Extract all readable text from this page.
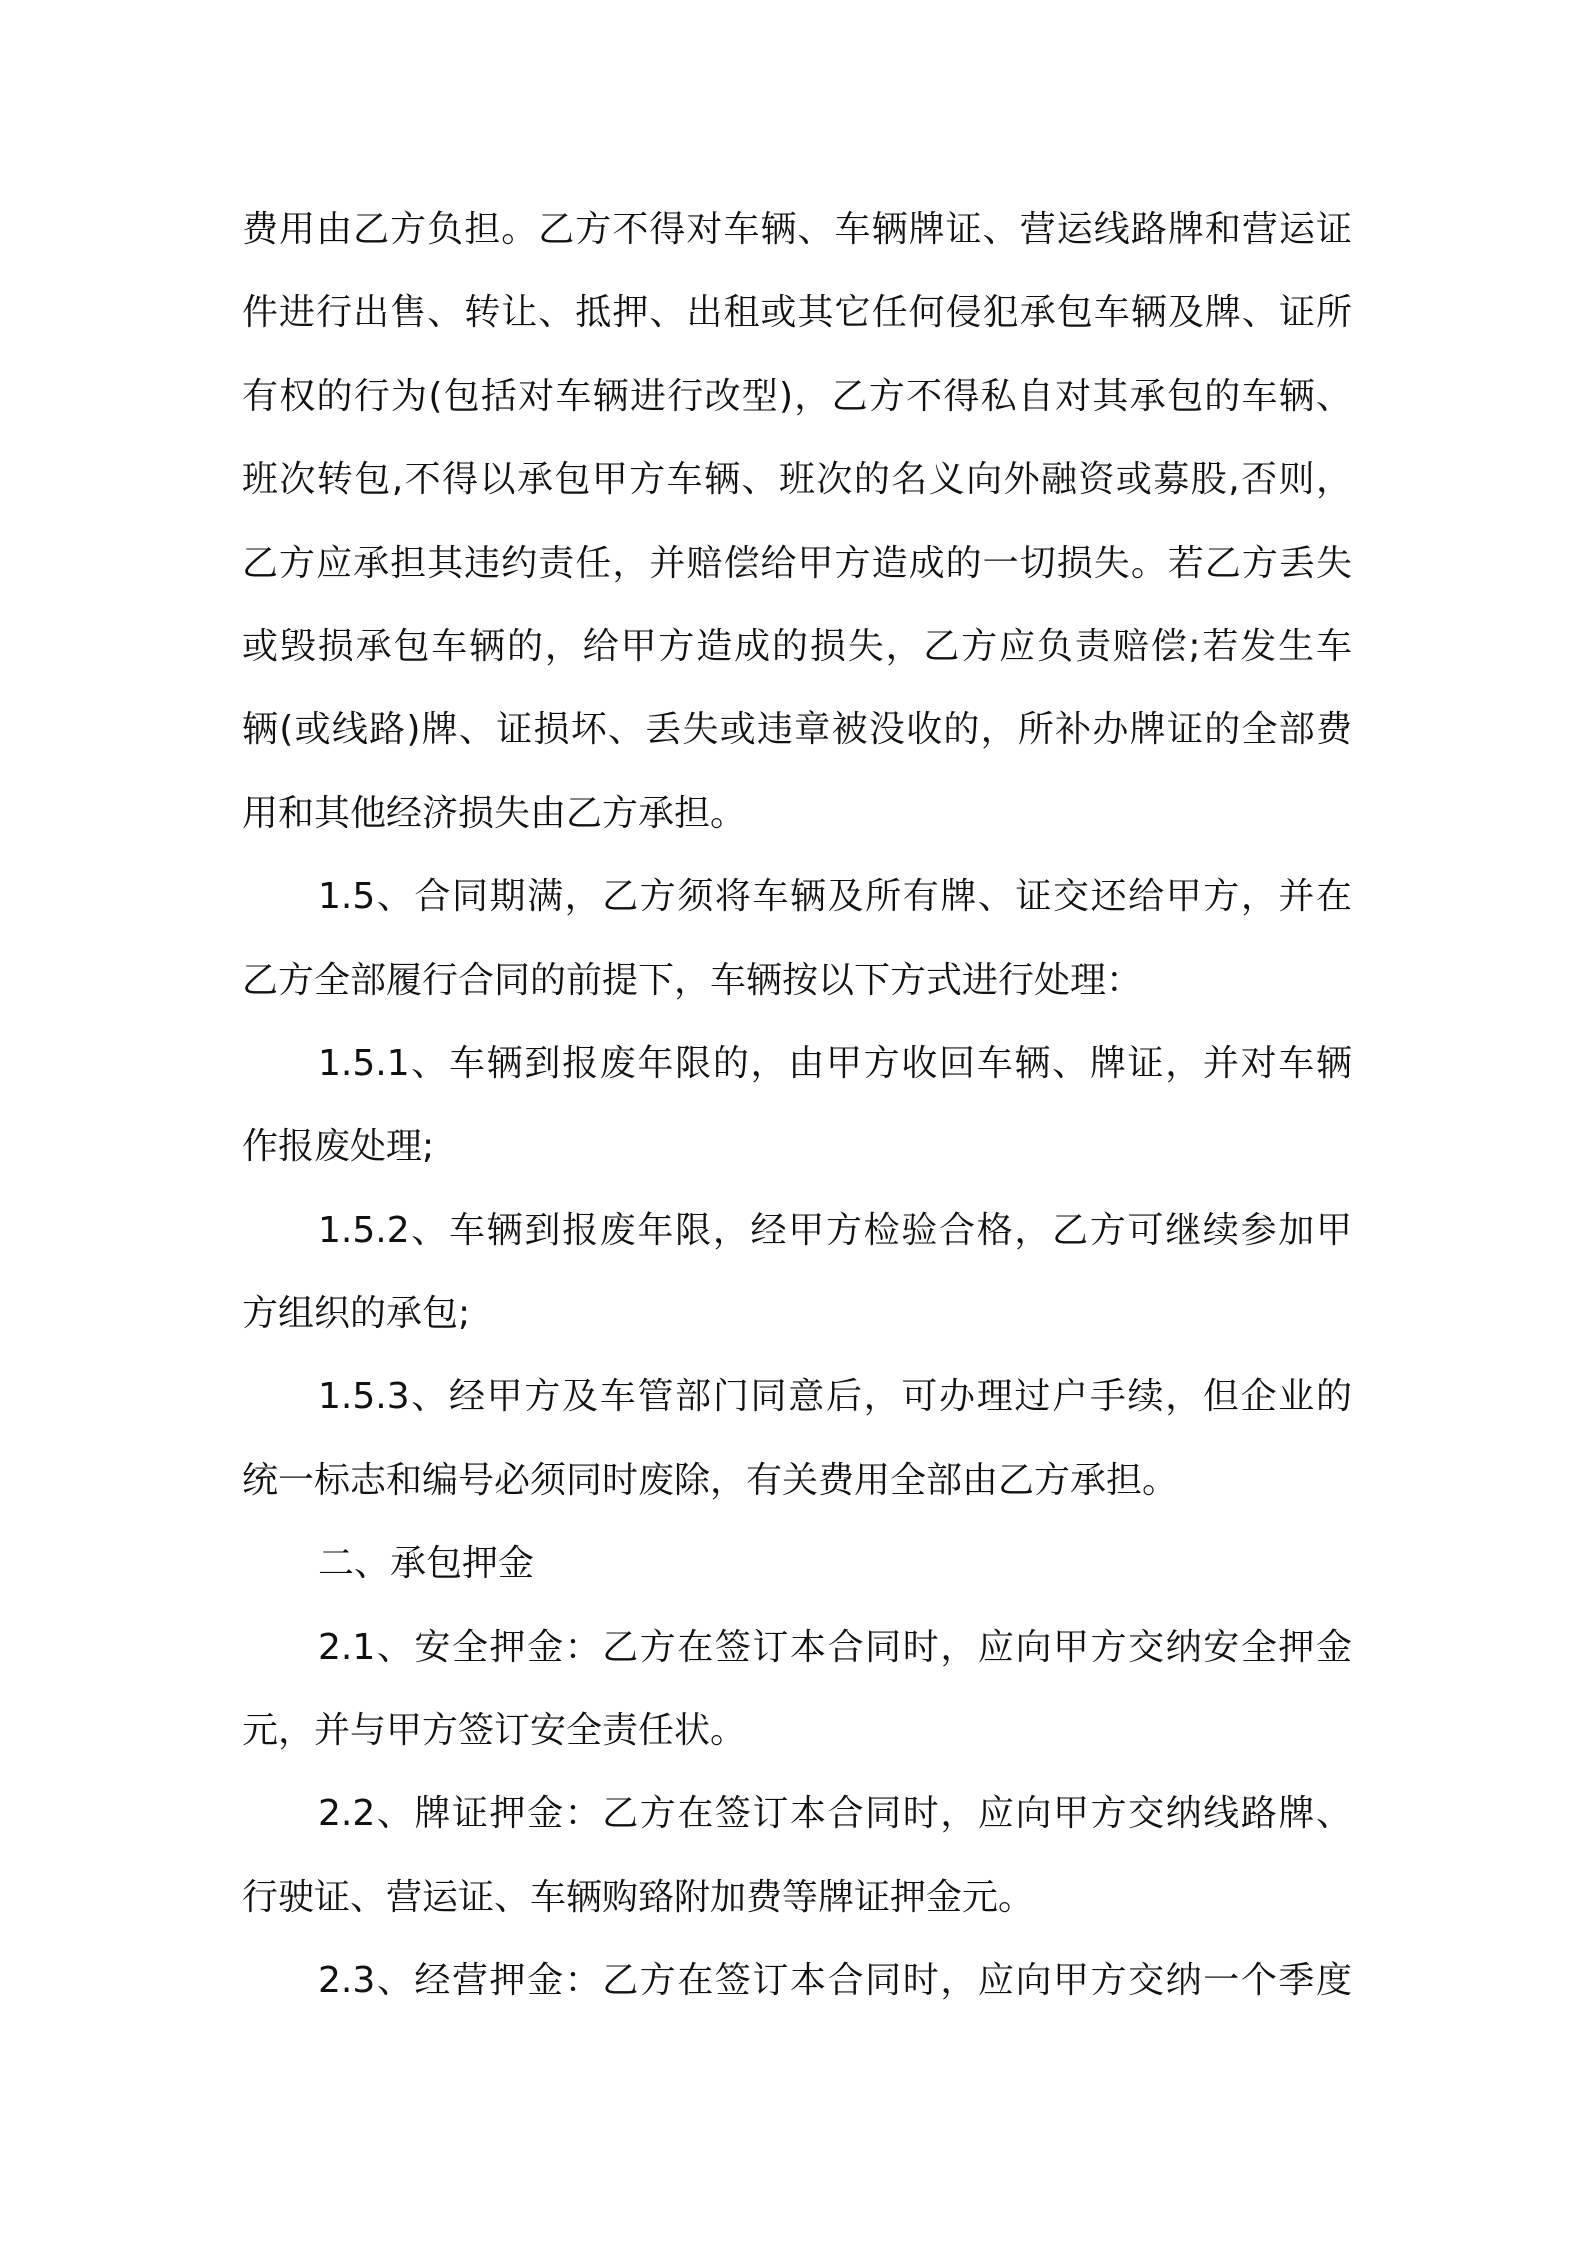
费用由乙方负担。乙方不得对车辆、车辆牌证、营运线路牌和营运证
件进行出售、转让、抵押、出租或其它任何侵犯承包车辆及牌、证所
有权的行为(包括对车辆进行改型)，乙方不得私自对其承包的车辆、
班次转包,不得以承包甲方车辆、班次的名义向外融资或募股,否则，
乙方应承担其违约责任，并赔偿给甲方造成的一切损失。若乙方丢失
或毁损承包车辆的，给甲方造成的损失，乙方应负责赔偿;若发生车
辆(或线路)牌、证损坏、丢失或违章被没收的，所补办牌证的全部费
用和其他经济损失由乙方承担。
1.5、合同期满，乙方须将车辆及所有牌、证交还给甲方，并在
乙方全部履行合同的前提下，车辆按以下方式进行处理：
1.5.1、车辆到报废年限的，由甲方收回车辆、牌证，并对车辆
作报废处理;
1.5.2、车辆到报废年限，经甲方检验合格，乙方可继续参加甲
方组织的承包;
1.5.3、经甲方及车管部门同意后，可办理过户手续，但企业的
统一标志和编号必须同时废除，有关费用全部由乙方承担。
二、承包押金
2.1、安全押金：乙方在签订本合同时，应向甲方交纳安全押金
元，并与甲方签订安全责任状。
2.2、牌证押金：乙方在签订本合同时，应向甲方交纳线路牌、
行驶证、营运证、车辆购臵附加费等牌证押金元。
2.3、经营押金：乙方在签订本合同时，应向甲方交纳一个季度
